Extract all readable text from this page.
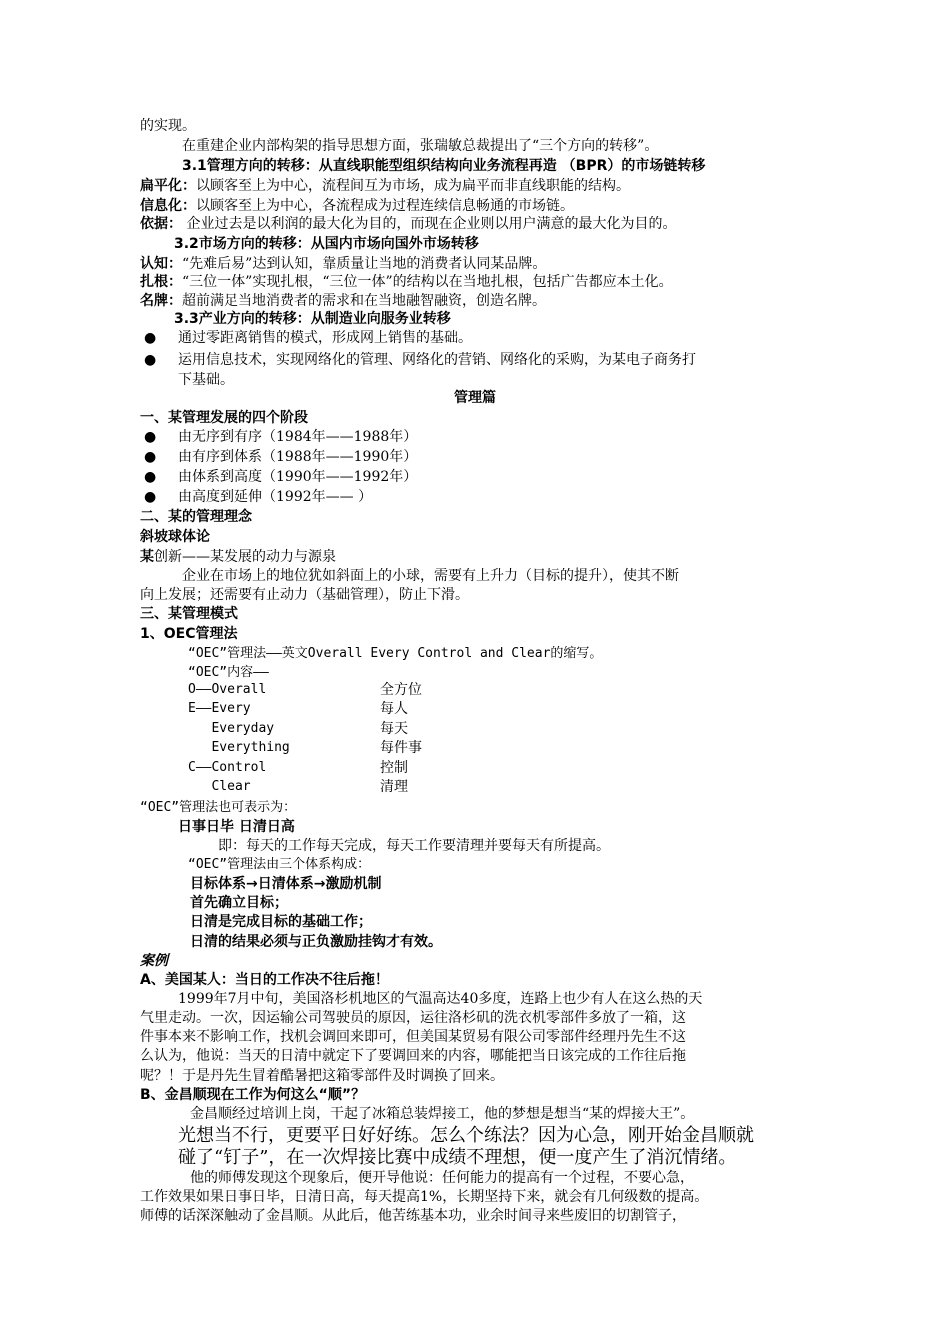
的实现。
在重建企业内部构架的指导思想方面，张瑞敏总裁提出了“三个方向的转移”。
3.1管理方向的转移：从直线职能型组织结构向业务流程再造 （BPR）的市场链转移
扁平化：以顾客至上为中心，流程间互为市场，成为扁平而非直线职能的结构。
信息化：以顾客至上为中心，各流程成为过程连续信息畅通的市场链。
依据： 企业过去是以利润的最大化为目的，而现在企业则以用户满意的最大化为目的。
3.2市场方向的转移：从国内市场向国外市场转移
认知：“先难后易”达到认知，靠质量让当地的消费者认同某品牌。
扎根：“三位一体”实现扎根，“三位一体”的结构以在当地扎根，包括广告都应本土化。
名牌：超前满足当地消费者的需求和在当地融智融资，创造名牌。
3.3产业方向的转移：从制造业向服务业转移
● 通过零距离销售的模式，形成网上销售的基础。
● 运用信息技术，实现网络化的管理、网络化的营销、网络化的采购，为某电子商务打
下基础。
管理篇
一、某管理发展的四个阶段
● 由无序到有序（1984年——1988年）
● 由有序到体系（1988年——1990年）
● 由体系到高度（1990年——1992年）
● 由高度到延伸（1992年—— ）
二、某的管理理念
斜坡球体论
某创新——某发展的动力与源泉
企业在市场上的地位犹如斜面上的小球，需要有上升力（目标的提升），使其不断
向上发展；还需要有止动力（基础管理），防止下滑。
三、某管理模式
1、OEC管理法
“OEC”管理法——英文Overall Every Control and Clear的缩写。
“OEC”内容——
O——Overall	全方位
E——Every	每人
Everyday	每天
Everything	每件事
C——Control	控制
Clear	清理
“OEC”管理法也可表示为：
日事日毕 日清日高
即：每天的工作每天完成，每天工作要清理并要每天有所提高。
“OEC”管理法由三个体系构成：
目标体系→日清体系→激励机制
首先确立目标；
日清是完成目标的基础工作；
日清的结果必须与正负激励挂钩才有效。
案例
A、美国某人：当日的工作决不往后拖！
1999年7月中旬，美国洛杉机地区的气温高达40多度，连路上也少有人在这么热的天
气里走动。一次，因运输公司驾驶员的原因，运往洛杉矶的洗衣机零部件多放了一箱，这
件事本来不影响工作，找机会调回来即可，但美国某贸易有限公司零部件经理丹先生不这
么认为，他说：当天的日清中就定下了要调回来的内容，哪能把当日该完成的工作往后拖
呢？！于是丹先生冒着酷暑把这箱零部件及时调换了回来。
B、金昌顺现在工作为何这么“顺”？
金昌顺经过培训上岗，干起了冰箱总装焊接工，他的梦想是想当“某的焊接大王”。
光想当不行，更要平日好好练。怎么个练法？因为心急，刚开始金昌顺就
碰了“钉子”，在一次焊接比赛中成绩不理想，便一度产生了消沉情绪。
他的师傅发现这个现象后，便开导他说：任何能力的提高有一个过程，不要心急，
工作效果如果日事日毕，日清日高，每天提高1%，长期坚持下来，就会有几何级数的提高。
师傅的话深深触动了金昌顺。从此后，他苦练基本功，业余时间寻来些废旧的切割管子，
